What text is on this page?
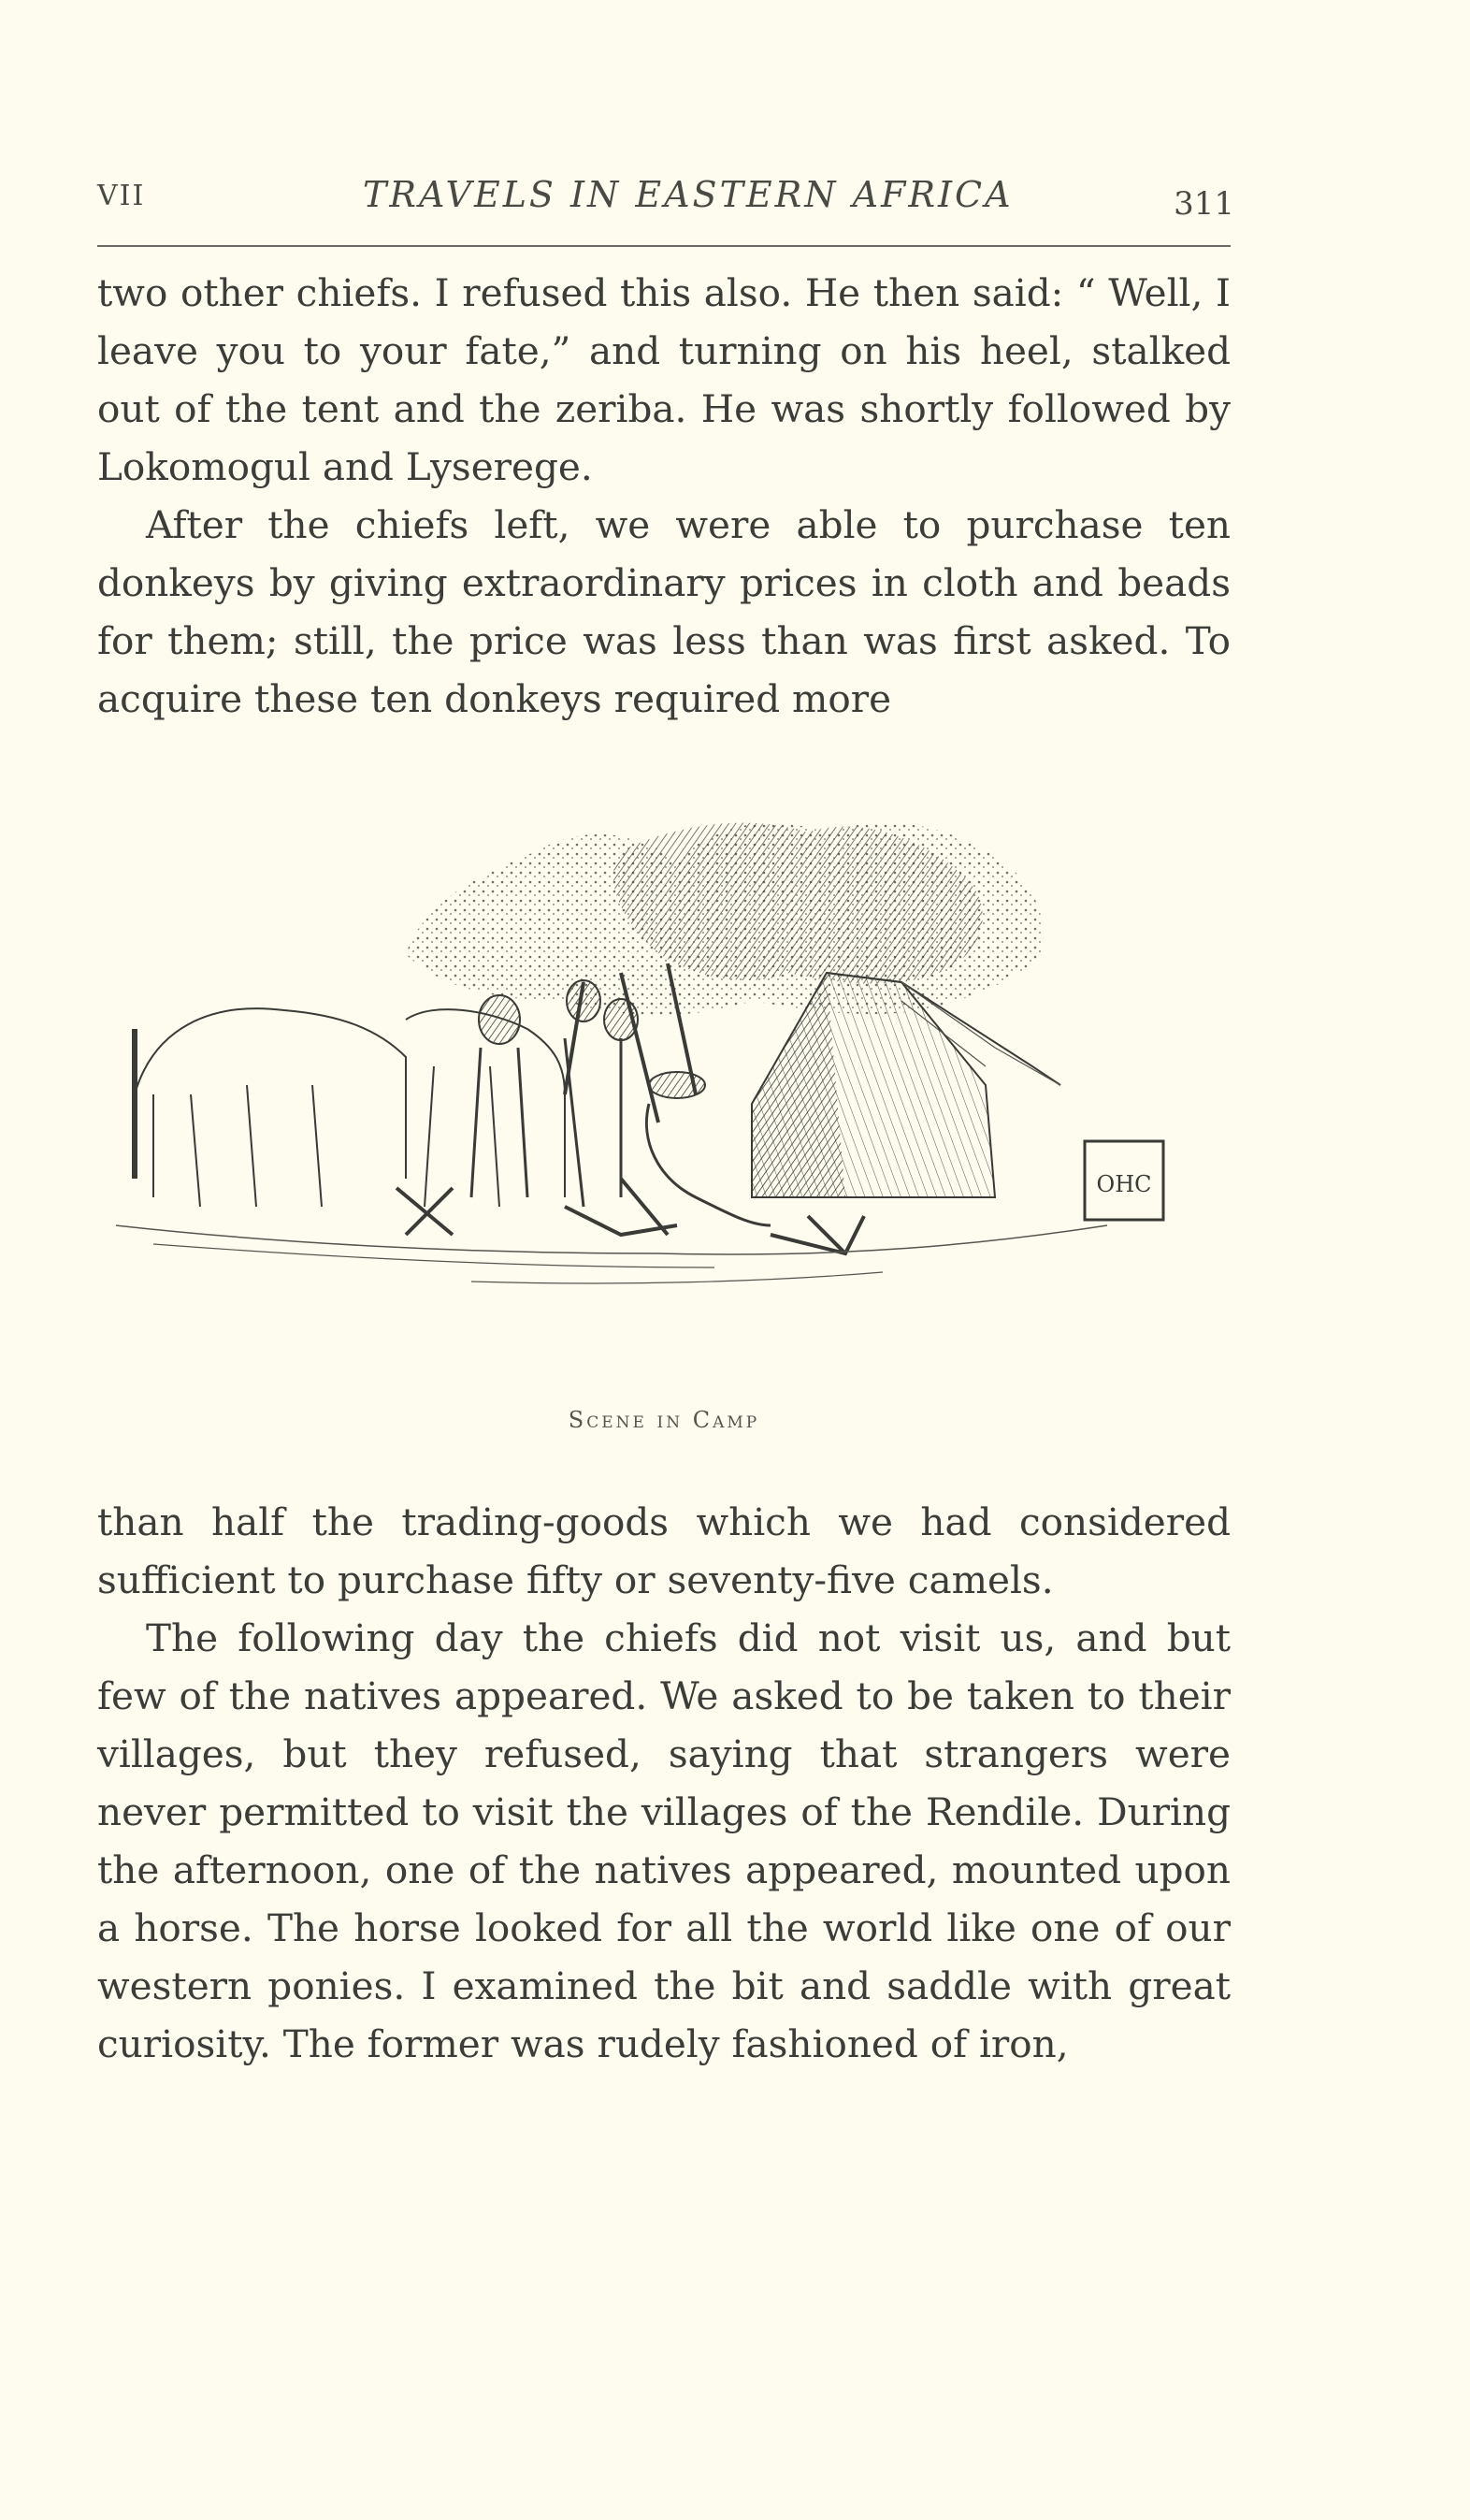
VII	TRAVELS IN EASTERN AFRICA	311

two other chiefs. I refused this also. He then said: “ Well, I leave you to your fate,” and turning on his heel, stalked out of the tent and the zeriba. He was shortly followed by Lokomogul and Lyserege.

After the chiefs left, we were able to purchase ten donkeys by giving extraordinary prices in cloth and beads for them; still, the price was less than was first asked. To acquire these ten donkeys required more

OHC
Scene in Camp

than half the trading-goods which we had considered sufficient to purchase fifty or seventy-five camels.

The following day the chiefs did not visit us, and but few of the natives appeared. We asked to be taken to their villages, but they refused, saying that strangers were never permitted to visit the villages of the Rendile. During the afternoon, one of the natives appeared, mounted upon a horse. The horse looked for all the world like one of our western ponies. I examined the bit and saddle with great curiosity. The former was rudely fashioned of iron,
